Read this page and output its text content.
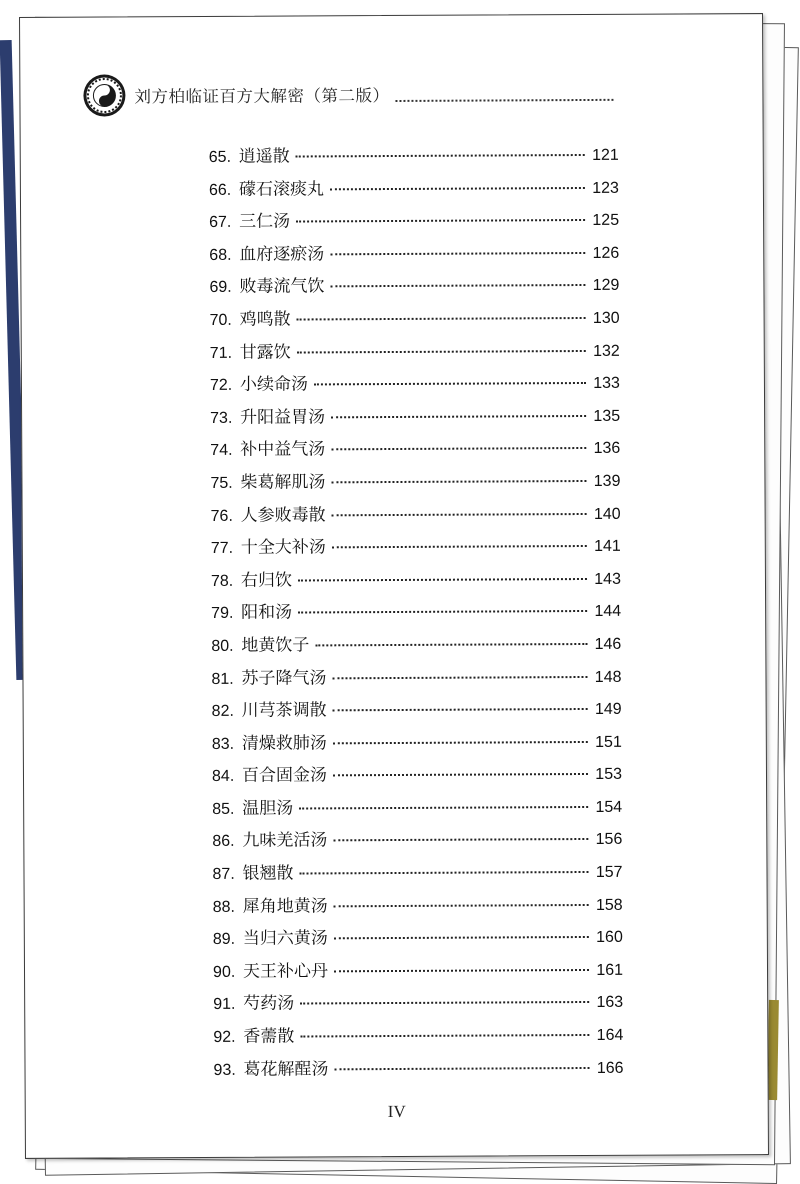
刘方柏临证百方大解密（第二版）
65. 逍遥散	121
66. 礞石滚痰丸	123
67. 三仁汤	125
68. 血府逐瘀汤	126
69. 败毒流气饮	129
70. 鸡鸣散	130
71. 甘露饮	132
72. 小续命汤	133
73. 升阳益胃汤	135
74. 补中益气汤	136
75. 柴葛解肌汤	139
76. 人参败毒散	140
77. 十全大补汤	141
78. 右归饮	143
79. 阳和汤	144
80. 地黄饮子	146
81. 苏子降气汤	148
82. 川芎茶调散	149
83. 清燥救肺汤	151
84. 百合固金汤	153
85. 温胆汤	154
86. 九味羌活汤	156
87. 银翘散	157
88. 犀角地黄汤	158
89. 当归六黄汤	160
90. 天王补心丹	161
91. 芍药汤	163
92. 香薷散	164
93. 葛花解酲汤	166
IV
